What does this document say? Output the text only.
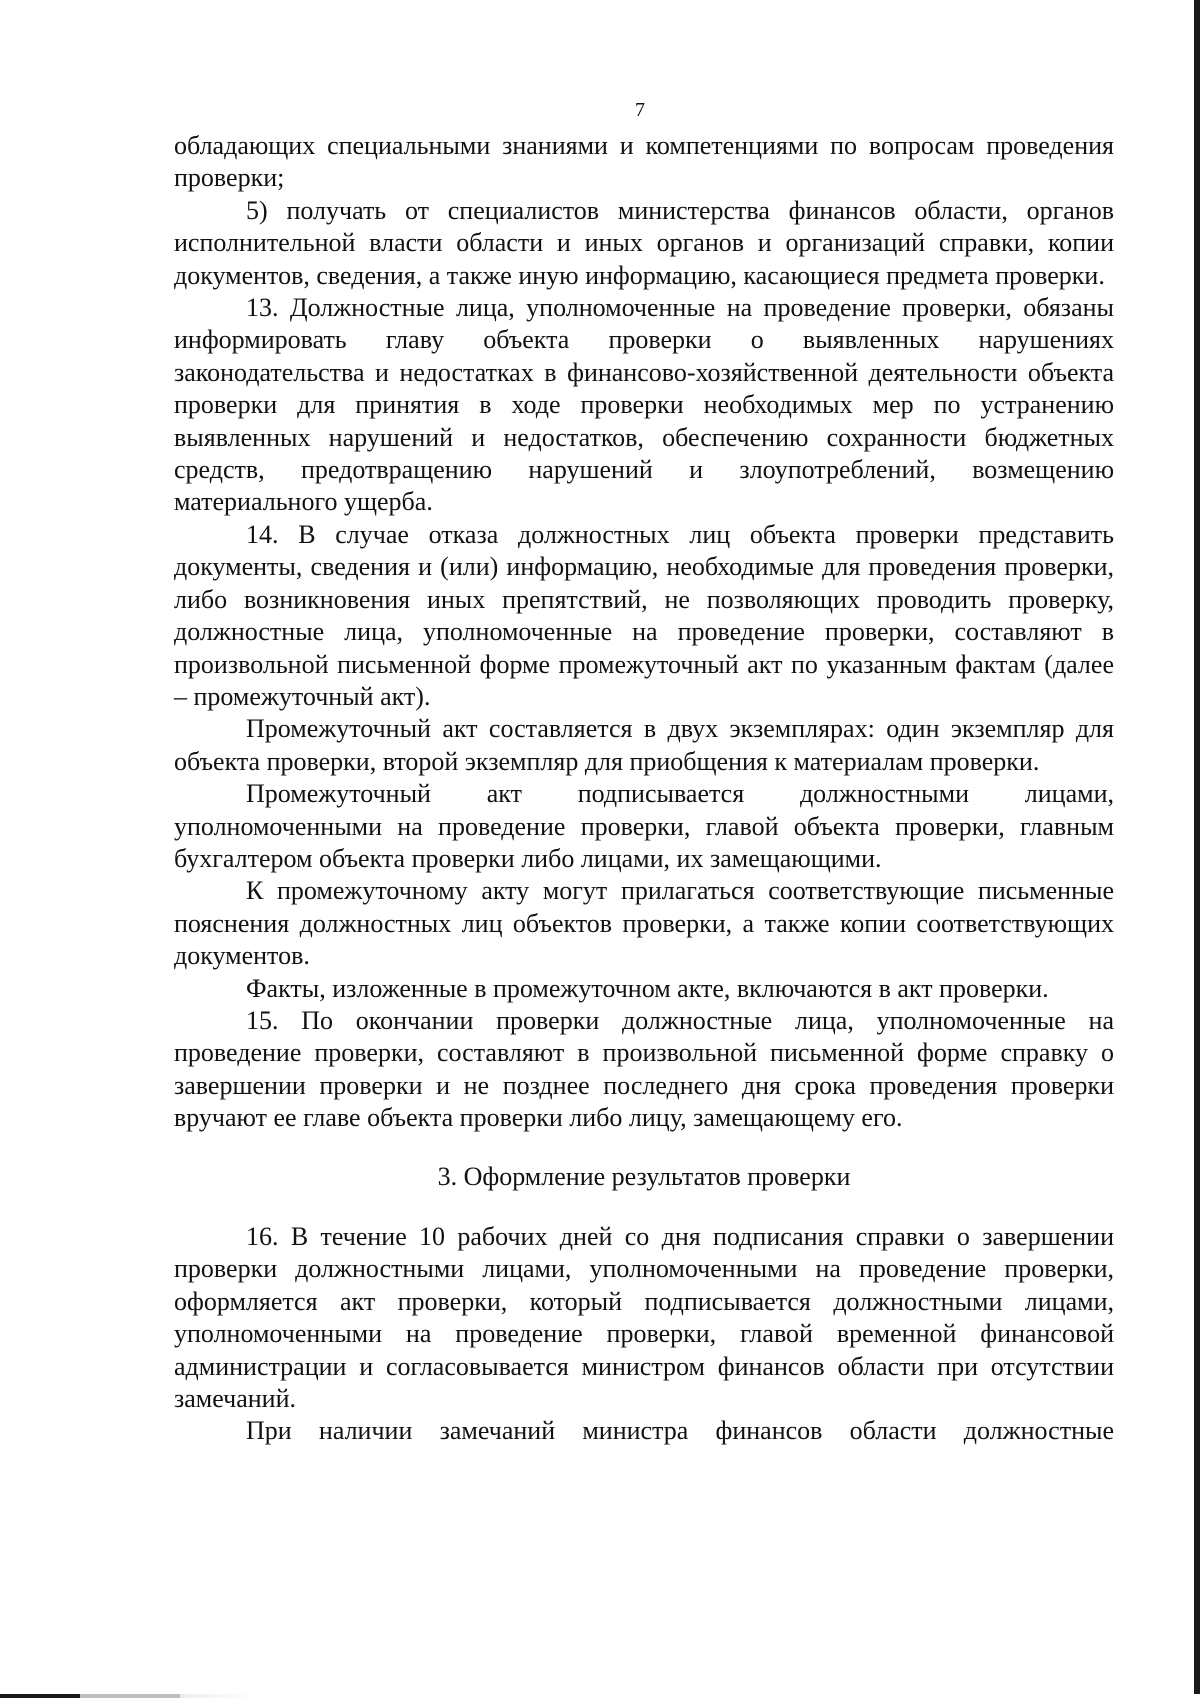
7

обладающих специальными знаниями и компетенциями по вопросам проведения проверки;

5) получать от специалистов министерства финансов области, органов исполнительной власти области и иных органов и организаций справки, копии документов, сведения, а также иную информацию, касающиеся предмета проверки.

13. Должностные лица, уполномоченные на проведение проверки, обязаны информировать главу объекта проверки о выявленных нарушениях законодательства и недостатках в финансово-хозяйственной деятельности объекта проверки для принятия в ходе проверки необходимых мер по устранению выявленных нарушений и недостатков, обеспечению сохранности бюджетных средств, предотвращению нарушений и злоупотреблений, возмещению материального ущерба.

14. В случае отказа должностных лиц объекта проверки представить документы, сведения и (или) информацию, необходимые для проведения проверки, либо возникновения иных препятствий, не позволяющих проводить проверку, должностные лица, уполномоченные на проведение проверки, составляют в произвольной письменной форме промежуточный акт по указанным фактам (далее – промежуточный акт).

Промежуточный акт составляется в двух экземплярах: один экземпляр для объекта проверки, второй экземпляр для приобщения к материалам проверки.

Промежуточный акт подписывается должностными лицами, уполномоченными на проведение проверки, главой объекта проверки, главным бухгалтером объекта проверки либо лицами, их замещающими.

К промежуточному акту могут прилагаться соответствующие письменные пояснения должностных лиц объектов проверки, а также копии соответствующих документов.

Факты, изложенные в промежуточном акте, включаются в акт проверки.

15. По окончании проверки должностные лица, уполномоченные на проведение проверки, составляют в произвольной письменной форме справку о завершении проверки и не позднее последнего дня срока проведения проверки вручают ее главе объекта проверки либо лицу, замещающему его.

3. Оформление результатов проверки

16. В течение 10 рабочих дней со дня подписания справки о завершении проверки должностными лицами, уполномоченными на проведение проверки, оформляется акт проверки, который подписывается должностными лицами, уполномоченными на проведение проверки, главой временной финансовой администрации и согласовывается министром финансов области при отсутствии замечаний.

При наличии замечаний министра финансов области должностные
